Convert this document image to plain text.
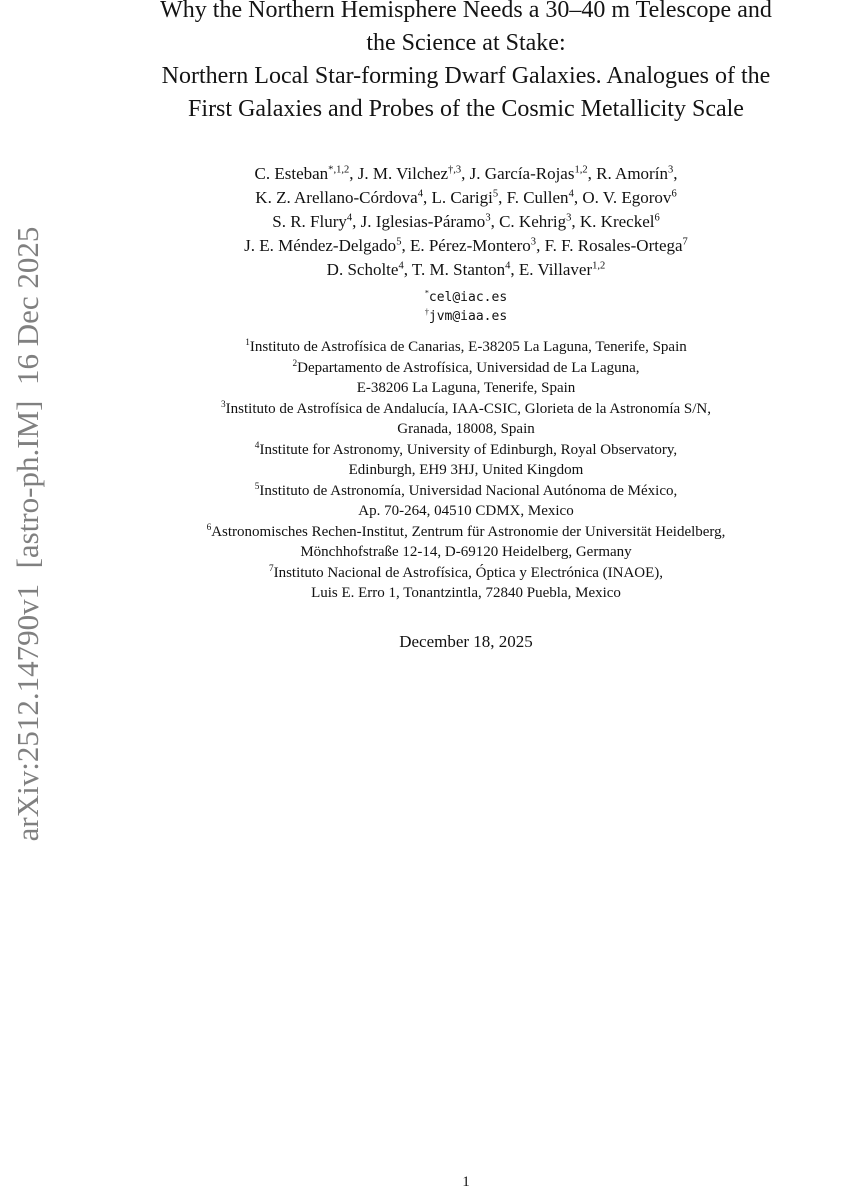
arXiv:2512.14790v1  [astro-ph.IM]  16 Dec 2025
Why the Northern Hemisphere Needs a 30–40 m Telescope and
the Science at Stake:
Northern Local Star-forming Dwarf Galaxies. Analogues of the
First Galaxies and Probes of the Cosmic Metallicity Scale
C. Esteban$^{*,1,2}$, J. M. Vilchez$^{\dagger,3}$, J. García-Rojas$^{1,2}$, R. Amorín$^3$,
K. Z. Arellano-Córdova$^4$, L. Carigi$^5$, F. Cullen$^4$, O. V. Egorov$^6$
S. R. Flury$^4$, J. Iglesias-Páramo$^3$, C. Kehrig$^3$, K. Kreckel$^6$
J. E. Méndez-Delgado$^5$, E. Pérez-Montero$^3$, F. F. Rosales-Ortega$^7$
D. Scholte$^4$, T. M. Stanton$^4$, E. Villaver$^{1,2}$
*cel@iac.es
†jvm@iaa.es
$^1$Instituto de Astrofísica de Canarias, E-38205 La Laguna, Tenerife, Spain
$^2$Departamento de Astrofísica, Universidad de La Laguna,
E-38206 La Laguna, Tenerife, Spain
$^3$Instituto de Astrofísica de Andalucía, IAA-CSIC, Glorieta de la Astronomía S/N,
Granada, 18008, Spain
$^4$Institute for Astronomy, University of Edinburgh, Royal Observatory,
Edinburgh, EH9 3HJ, United Kingdom
$^5$Instituto de Astronomía, Universidad Nacional Autónoma de México,
Ap. 70-264, 04510 CDMX, Mexico
$^6$Astronomisches Rechen-Institut, Zentrum für Astronomie der Universität Heidelberg,
Mönchhofstraße 12-14, D-69120 Heidelberg, Germany
$^7$Instituto Nacional de Astrofísica, Óptica y Electrónica (INAOE),
Luis E. Erro 1, Tonantzintla, 72840 Puebla, Mexico
December 18, 2025
1
